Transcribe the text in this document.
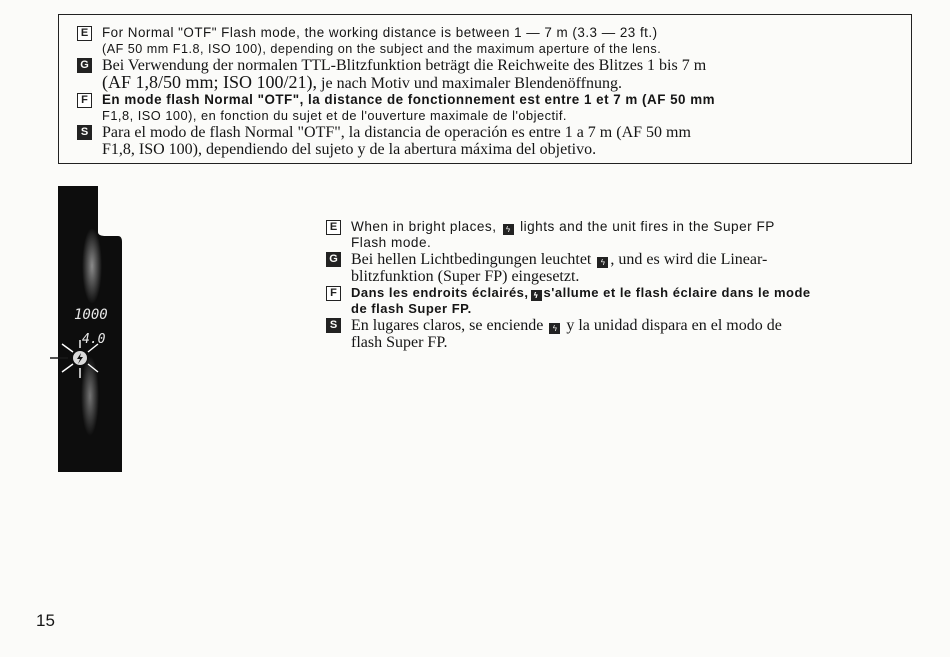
E For Normal "OTF" Flash mode, the working distance is between 1 — 7 m (3.3 — 23 ft.)
(AF 50 mm F1.8, ISO 100), depending on the subject and the maximum aperture of the lens.
G Bei Verwendung der normalen TTL-Blitzfunktion beträgt die Reichweite des Blitzes 1 bis 7 m
(AF 1,8/50 mm; ISO 100/21), je nach Motiv und maximaler Blendenöffnung.
F	En mode flash Normal "OTF", la distance de fonctionnement est entre 1 et 7 m (AF 50 mm
F1,8, ISO 100), en fonction du sujet et de l'ouverture maximale de l'objectif.
S Para el modo de flash Normal "OTF", la distancia de operación es entre 1 a 7 m (AF 50 mm
F1,8, ISO 100), dependiendo del sujeto y de la abertura máxima del objetivo.
1000
4.0
E When in bright places, ϟ lights and the unit fires in the Super FP
Flash mode.
G Bei hellen Lichtbedingungen leuchtet ϟ , und es wird die Linear-
blitzfunktion (Super FP) eingesetzt.
F	Dans les endroits éclairés, ϟ s'allume et le flash éclaire dans le mode
de flash Super FP.
S En lugares claros, se enciende ϟ y la unidad dispara en el modo de
flash Super FP.
15
